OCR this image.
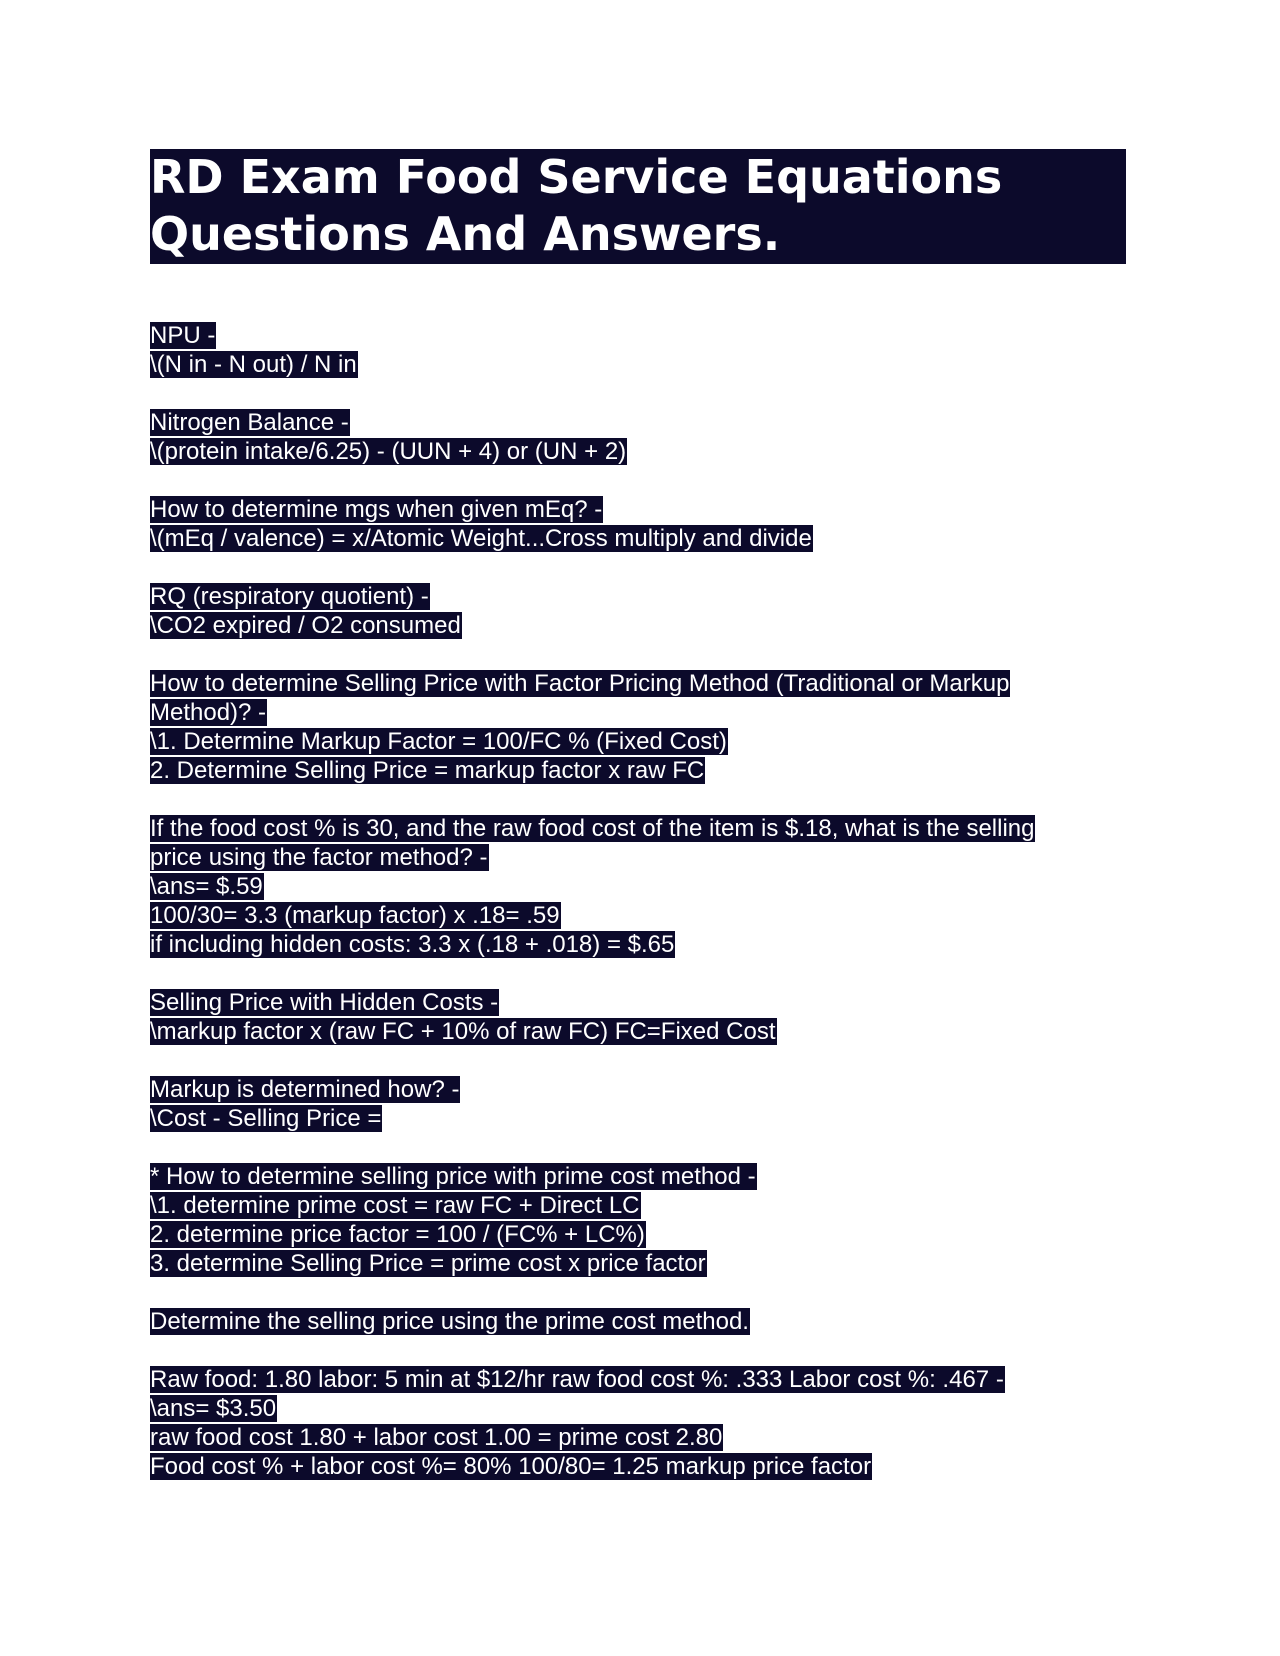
RD Exam Food Service Equations
Questions And Answers.
NPU -
\(N in - N out) / N in
Nitrogen Balance -
\(protein intake/6.25) - (UUN + 4) or (UN + 2)
How to determine mgs when given mEq? -
\(mEq / valence) = x/Atomic Weight...Cross multiply and divide
RQ (respiratory quotient) -
\CO2 expired / O2 consumed
How to determine Selling Price with Factor Pricing Method (Traditional or Markup
Method)? -
\1. Determine Markup Factor = 100/FC % (Fixed Cost)
2. Determine Selling Price = markup factor x raw FC
If the food cost % is 30, and the raw food cost of the item is $.18, what is the selling
price using the factor method? -
\ans= $.59
100/30= 3.3 (markup factor) x .18= .59
if including hidden costs: 3.3 x (.18 + .018) = $.65
Selling Price with Hidden Costs -
\markup factor x (raw FC + 10% of raw FC) FC=Fixed Cost
Markup is determined how? -
\Cost - Selling Price =
* How to determine selling price with prime cost method -
\1. determine prime cost = raw FC + Direct LC
2. determine price factor = 100 / (FC% + LC%)
3. determine Selling Price = prime cost x price factor
Determine the selling price using the prime cost method.
Raw food: 1.80 labor: 5 min at $12/hr raw food cost %: .333 Labor cost %: .467 -
\ans= $3.50
raw food cost 1.80 + labor cost 1.00 = prime cost 2.80
Food cost % + labor cost %= 80% 100/80= 1.25 markup price factor
